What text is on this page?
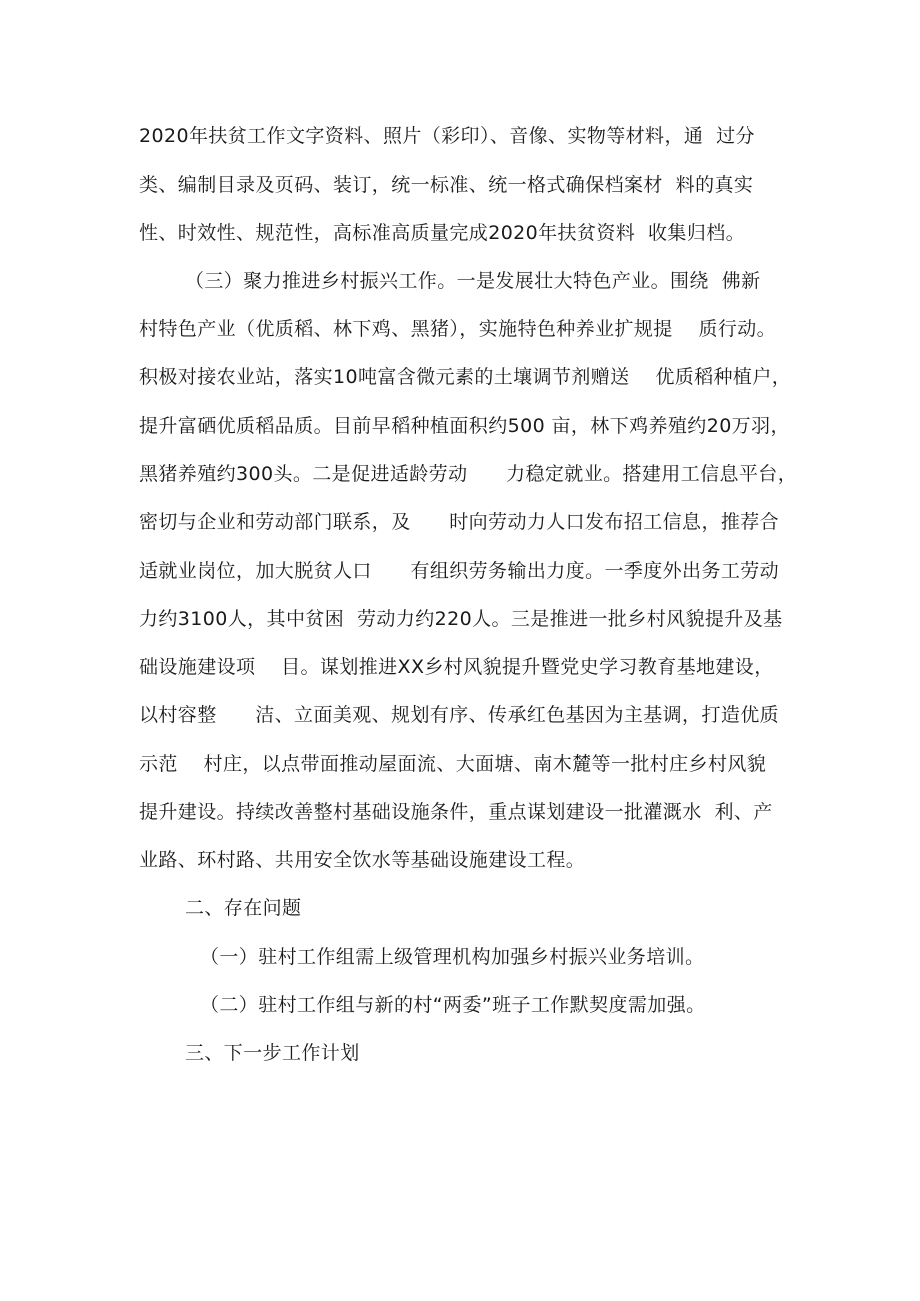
2020年扶贫工作文字资料、照片（彩印）、音像、实物等材料，通  过分
类、编制目录及页码、装订，统一标准、统一格式确保档案材  料的真实
性、时效性、规范性，高标准高质量完成2020年扶贫资料  收集归档。
（三）聚力推进乡村振兴工作。一是发展壮大特色产业。围绕  佛新
村特色产业（优质稻、林下鸡、黑猪），实施特色种养业扩规提    质行动。
积极对接农业站，落实10吨富含微元素的土壤调节剂赠送    优质稻种植户，
提升富硒优质稻品质。目前早稻种植面积约500 亩，林下鸡养殖约20万羽，
黑猪养殖约300头。二是促进适龄劳动      力稳定就业。搭建用工信息平台，
密切与企业和劳动部门联系，及      时向劳动力人口发布招工信息，推荐合
适就业岗位，加大脱贫人口      有组织劳务输出力度。一季度外出务工劳动
力约3100人，其中贫困  劳动力约220人。三是推进一批乡村风貌提升及基
础设施建设项    目。谋划推进XX乡村风貌提升暨党史学习教育基地建设，
以村容整      洁、立面美观、规划有序、传承红色基因为主基调，打造优质
示范    村庄，以点带面推动屋面流、大面塘、南木麓等一批村庄乡村风貌
提升建设。持续改善整村基础设施条件，重点谋划建设一批灌溉水  利、产
业路、环村路、共用安全饮水等基础设施建设工程。
二、存在问题
（一）驻村工作组需上级管理机构加强乡村振兴业务培训。
（二）驻村工作组与新的村“两委”班子工作默契度需加强。
三、下一步工作计划
